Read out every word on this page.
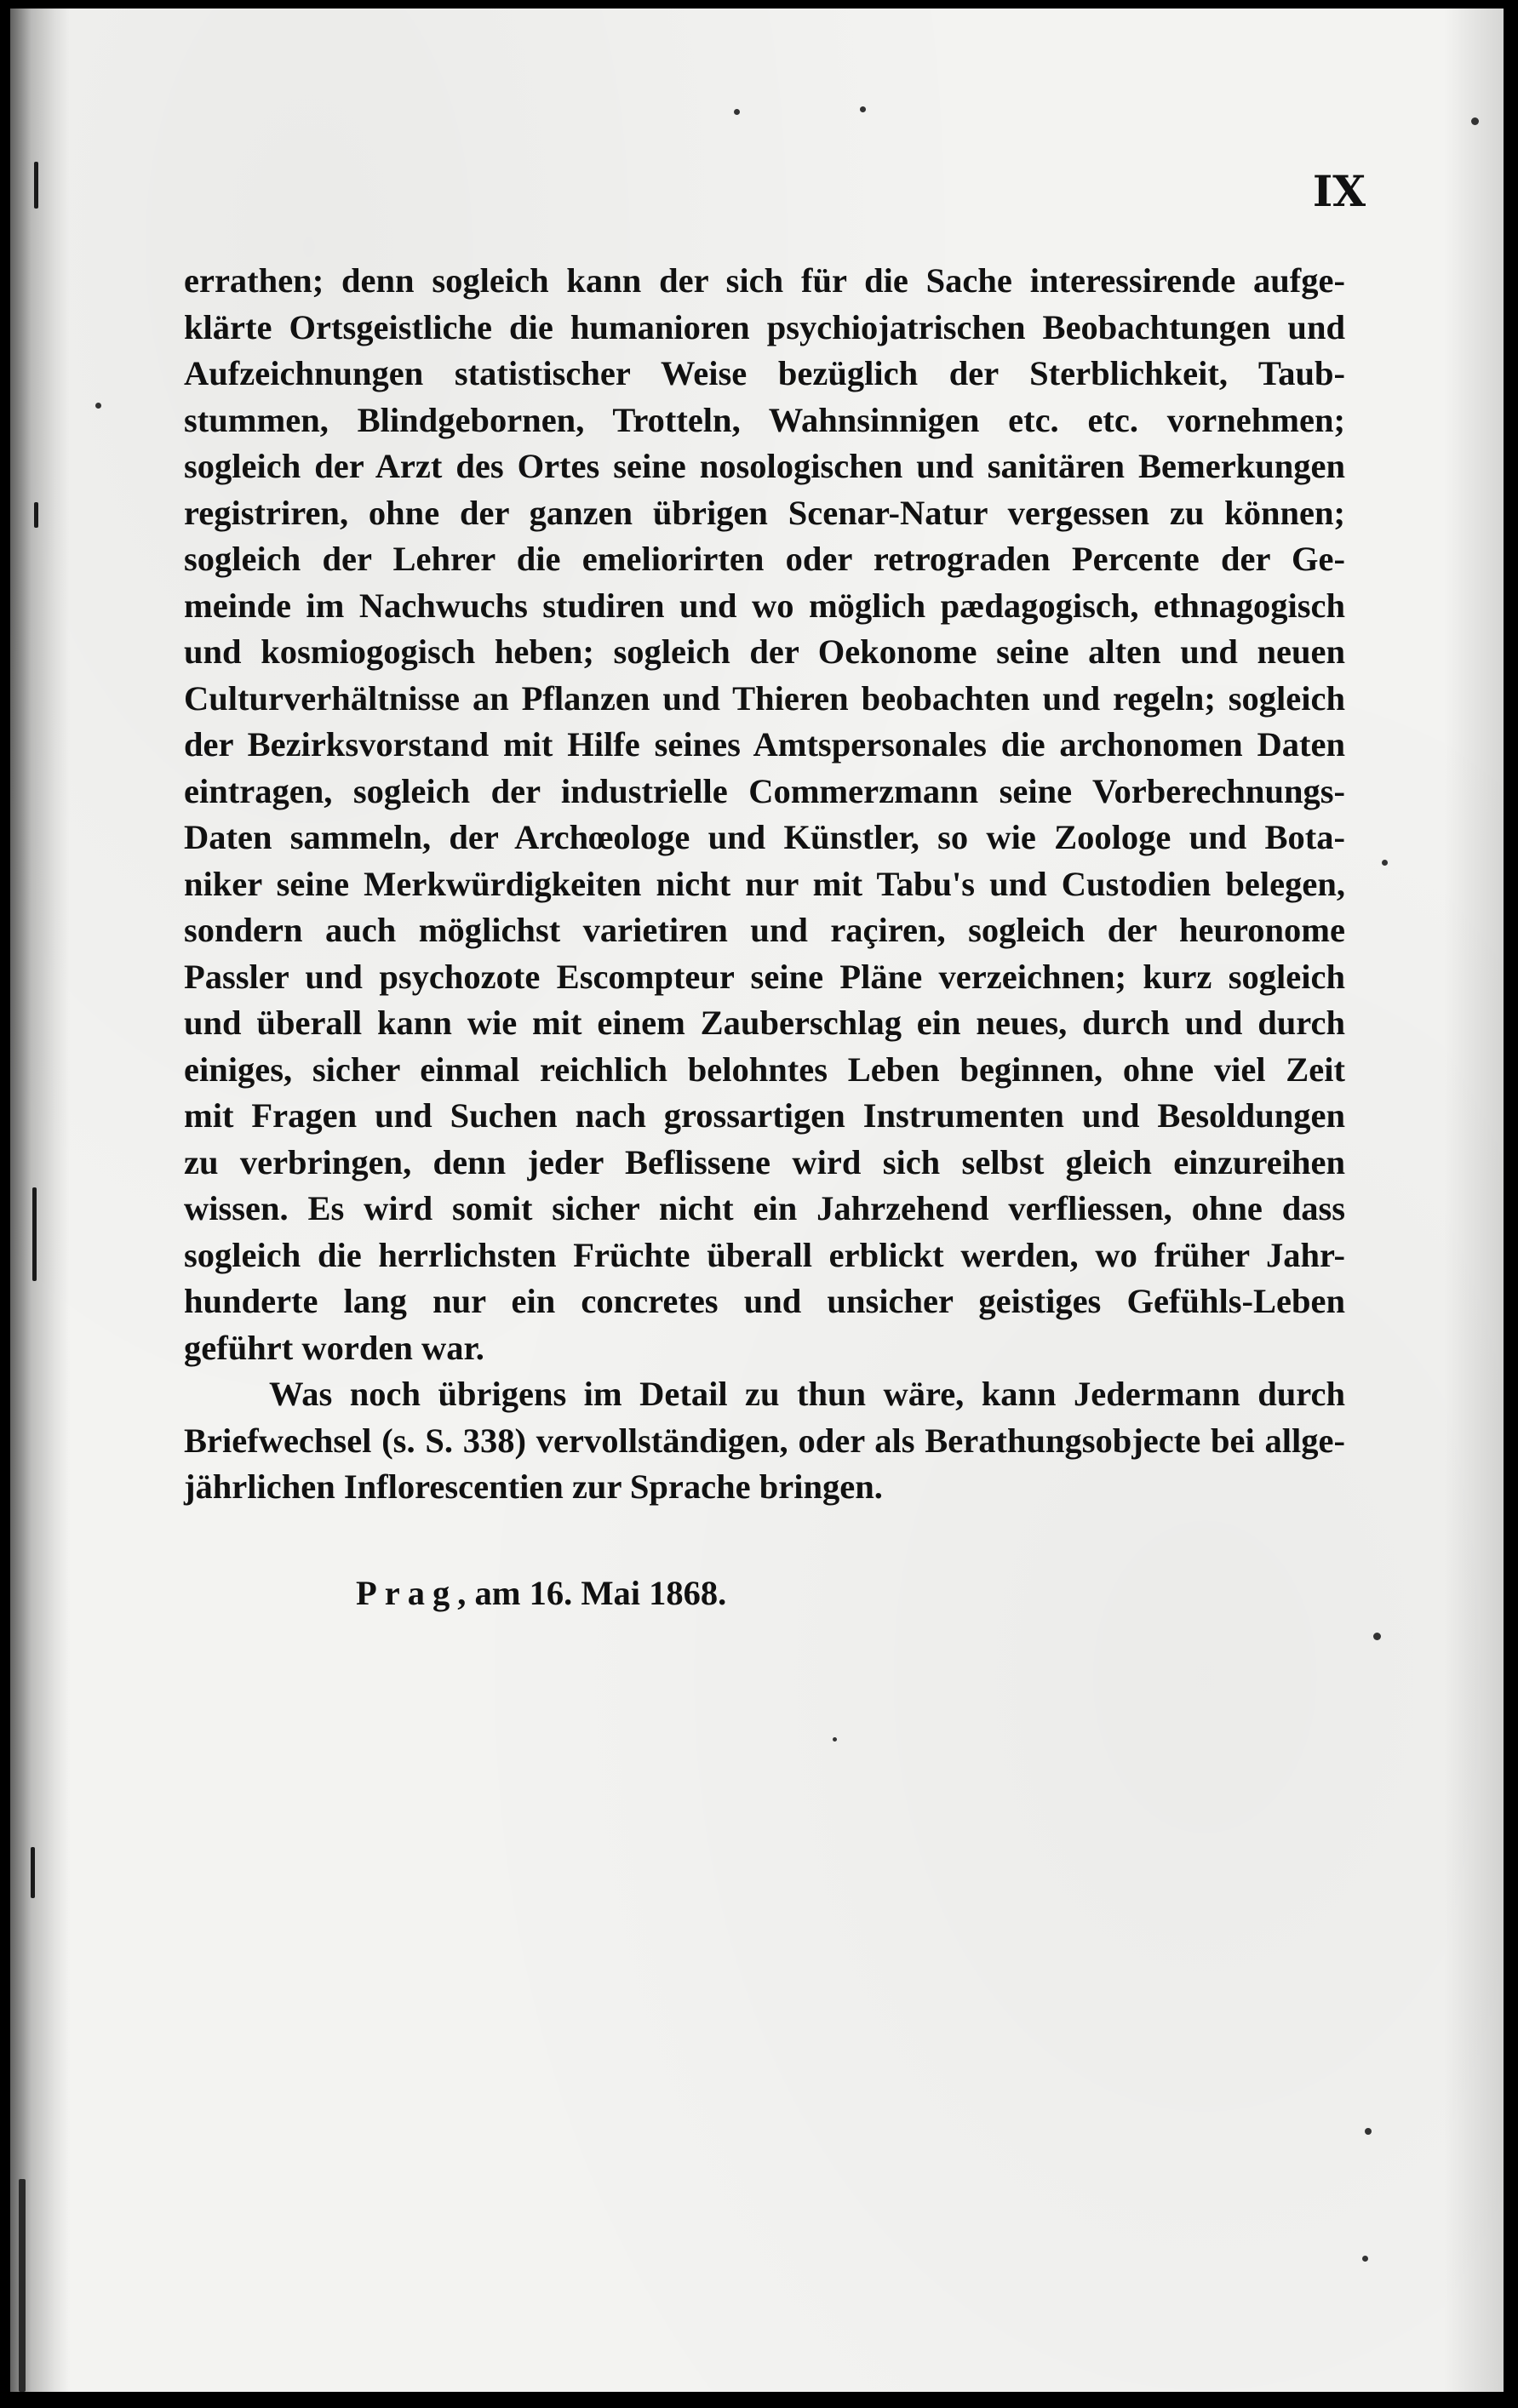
IX
errathen; denn sogleich kann der sich für die Sache interessirende aufge-
klärte Ortsgeistliche die humanioren psychiojatrischen Beobachtungen und
Aufzeichnungen statistischer Weise bezüglich der Sterblichkeit, Taub-
stummen, Blindgebornen, Trotteln, Wahnsinnigen etc. etc. vornehmen;
sogleich der Arzt des Ortes seine nosologischen und sanitären Bemerkungen
registriren, ohne der ganzen übrigen Scenar-Natur vergessen zu können;
sogleich der Lehrer die emeliorirten oder retrograden Percente der Ge-
meinde im Nachwuchs studiren und wo möglich pædagogisch, ethnagogisch
und kosmiogogisch heben; sogleich der Oekonome seine alten und neuen
Culturverhältnisse an Pflanzen und Thieren beobachten und regeln; sogleich
der Bezirksvorstand mit Hilfe seines Amtspersonales die archonomen Daten
eintragen, sogleich der industrielle Commerzmann seine Vorberechnungs-
Daten sammeln, der Archœologe und Künstler, so wie Zoologe und Bota-
niker seine Merkwürdigkeiten nicht nur mit Tabu's und Custodien belegen,
sondern auch möglichst varietiren und raçiren, sogleich der heuronome
Passler und psychozote Escompteur seine Pläne verzeichnen; kurz sogleich
und überall kann wie mit einem Zauberschlag ein neues, durch und durch
einiges, sicher einmal reichlich belohntes Leben beginnen, ohne viel Zeit
mit Fragen und Suchen nach grossartigen Instrumenten und Besoldungen
zu verbringen, denn jeder Beflissene wird sich selbst gleich einzureihen
wissen. Es wird somit sicher nicht ein Jahrzehend verfliessen, ohne dass
sogleich die herrlichsten Früchte überall erblickt werden, wo früher Jahr-
hunderte lang nur ein concretes und unsicher geistiges Gefühls-Leben
geführt worden war.
Was noch übrigens im Detail zu thun wäre, kann Jedermann durch
Briefwechsel (s. S. 338) vervollständigen, oder als Berathungsobjecte bei allge-
jährlichen Inflorescentien zur Sprache bringen.
Prag, am 16. Mai 1868.
